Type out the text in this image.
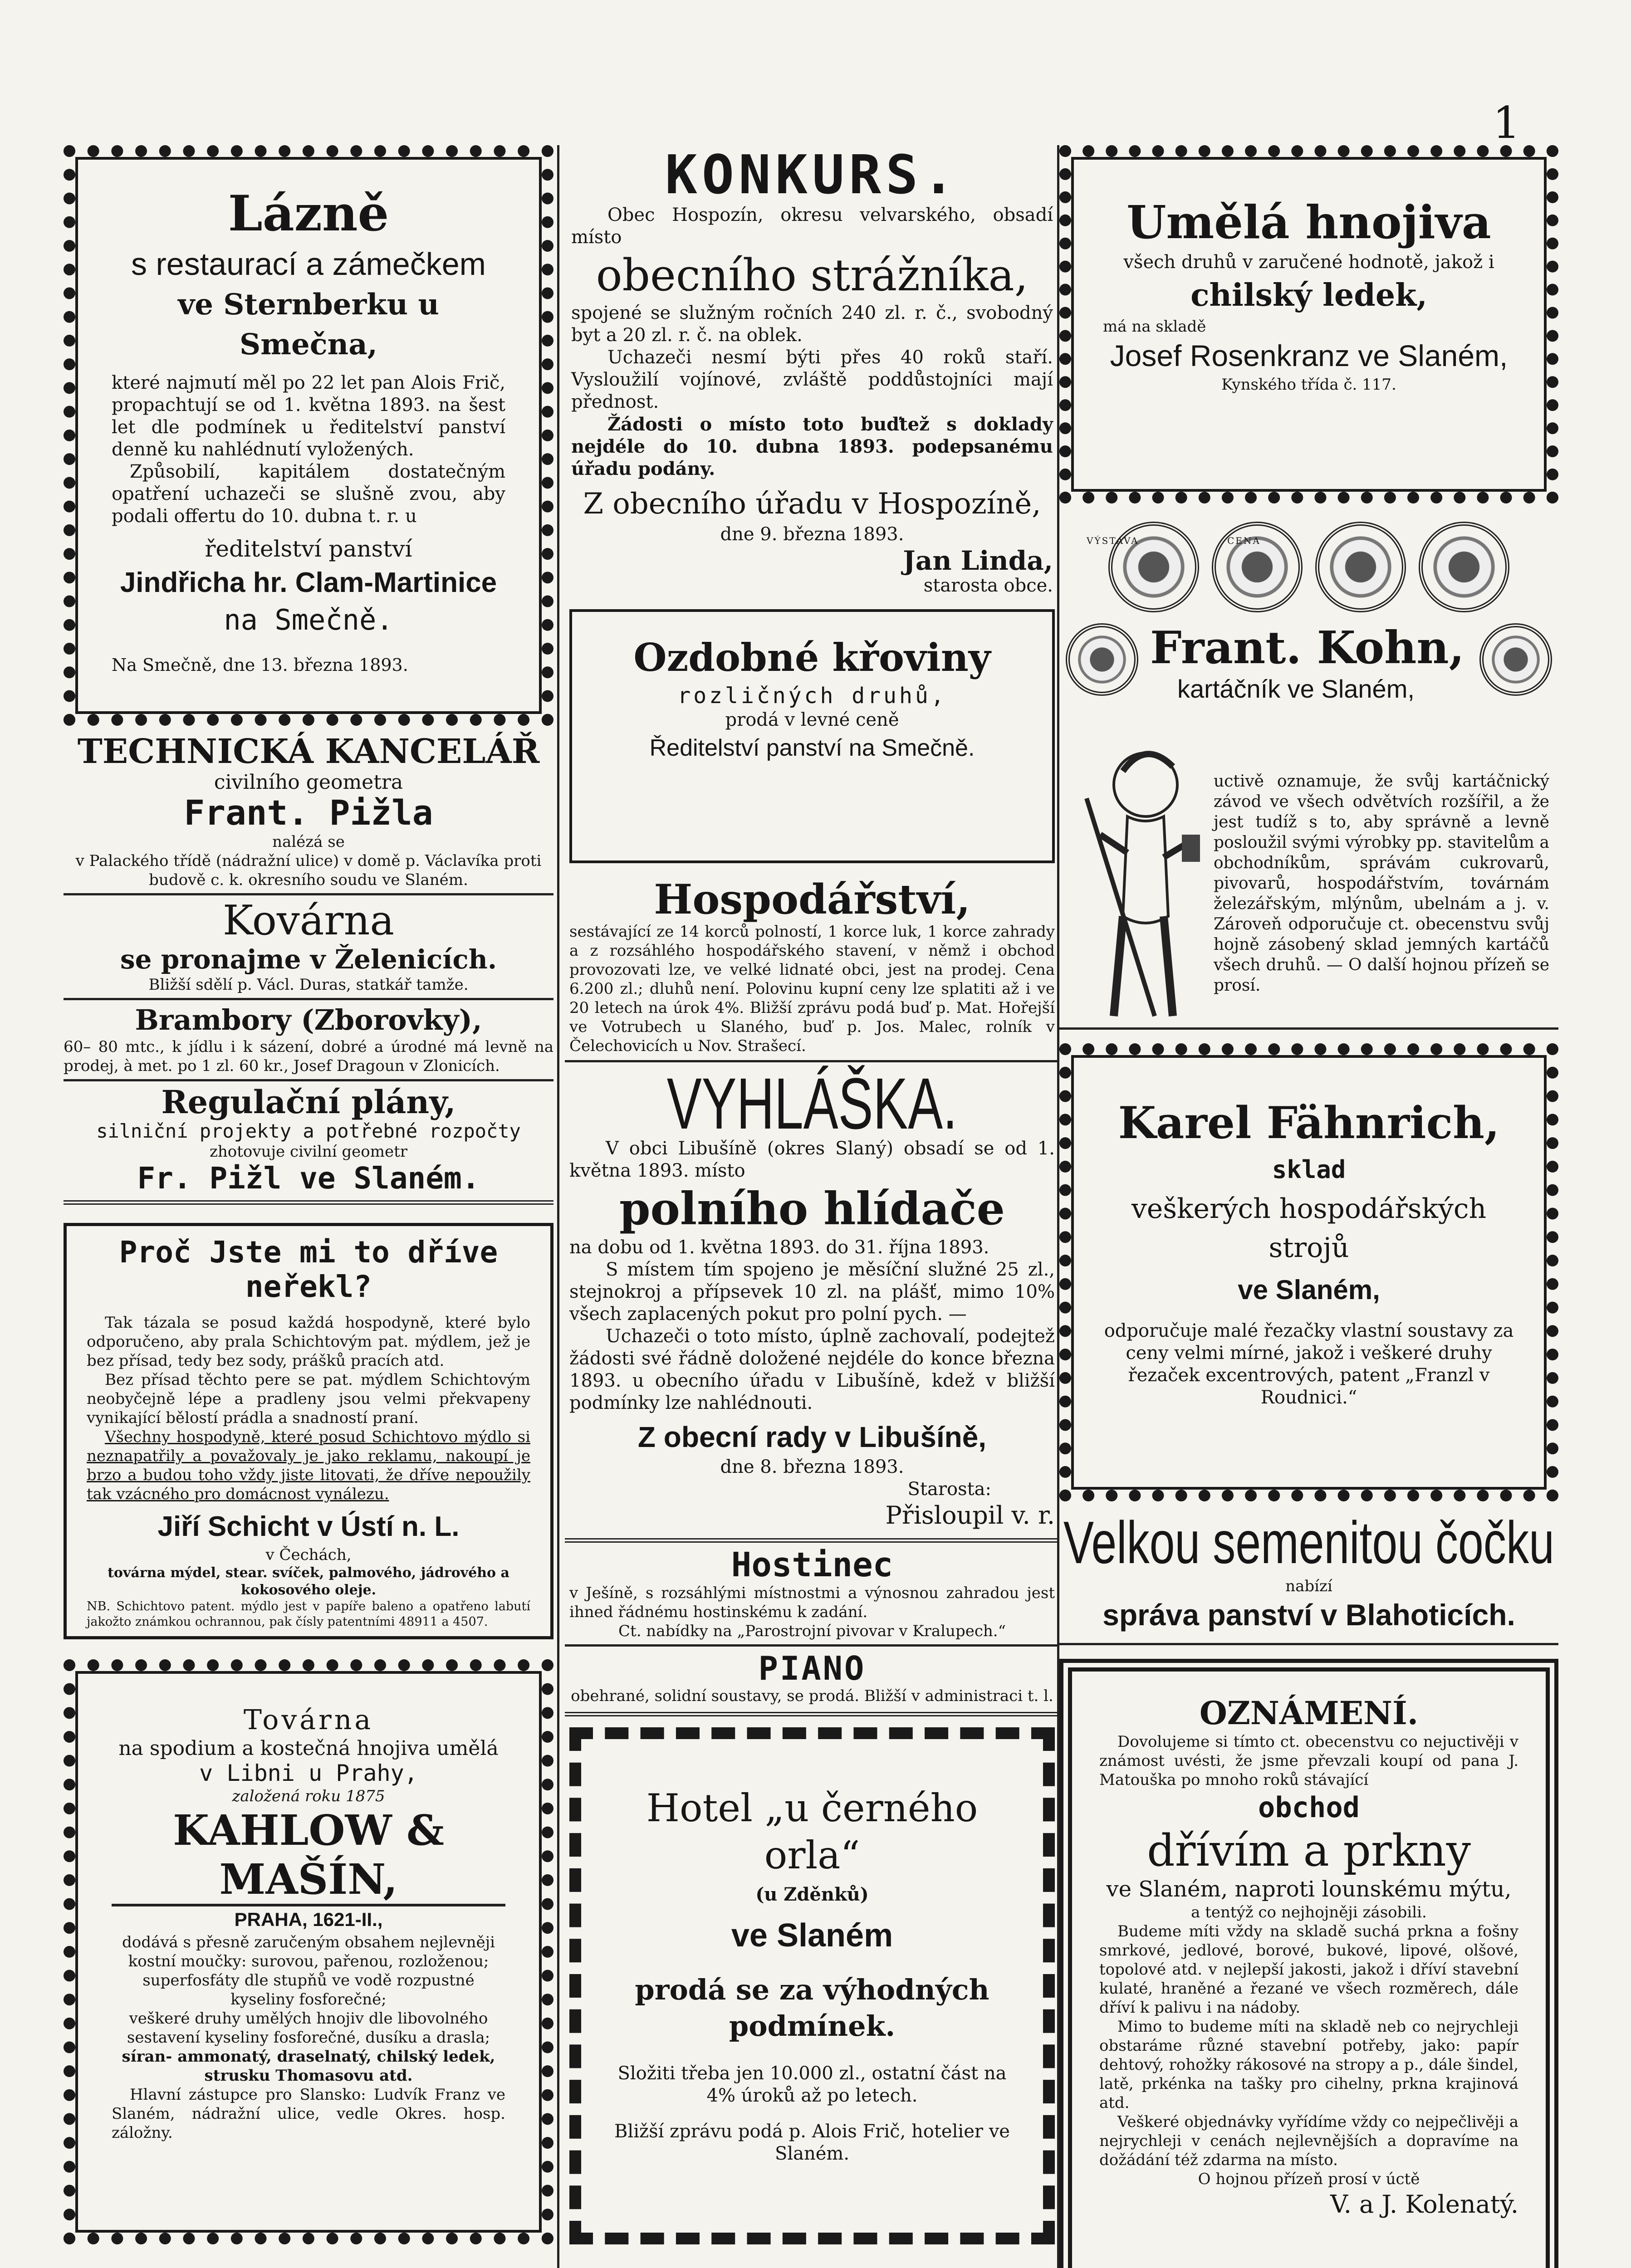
1

Lázně

s restaurací a zámečkem

ve Sternberku u Smečna,

které najmutí měl po 22 let pan Alois Frič, propachtují se od 1. května 1893. na šest let dle podmínek u ředitelství panství denně ku nahlédnutí vyložených.

Způsobilí, kapitálem dostatečným opatření uchazeči se slušně zvou, aby podali offertu do 10. dubna t. r. u

ředitelství panství

Jindřicha hr. Clam-Martinice

na Smečně.

Na Smečně, dne 13. března 1893.

TECHNICKÁ KANCELÁŘ

civilního geometra

Frant. Pižla

nalézá se

v Palackého třídě (nádražní ulice) v domě p. Václavíka proti budově c. k. okresního soudu ve Slaném.

Kovárna

se pronajme v Želenicích.

Bližší sdělí p. Václ. Duras, statkář tamže.

Brambory (Zborovky),

60– 80 mtc., k jídlu i k sázení, dobré a úrodné má levně na prodej, à met. po 1 zl. 60 kr., Josef Dragoun v Zlonicích.

Regulační plány,

silniční projekty a potřebné rozpočty

zhotovuje civilní geometr

Fr. Pižl ve Slaném.

Proč Jste mi to dříve neřekl?

Tak tázala se posud každá hospodyně, které bylo odporučeno, aby prala Schichtovým pat. mýdlem, jež je bez přísad, tedy bez sody, prášků pracích atd.

Bez přísad těchto pere se pat. mýdlem Schichtovým neobyčejně lépe a pradleny jsou velmi překvapeny vynikající bělostí prádla a snadností praní.

Všechny hospodyně, které posud Schichtovo mýdlo si neznapatřily a považovaly je jako reklamu, nakoupí je brzo a budou toho vždy jiste litovati, že dříve nepoužily tak vzácného pro domácnost vynálezu.

Jiří Schicht v Ústí n. L.

v Čechách,

továrna mýdel, stear. svíček, palmového, jádrového a kokosového oleje.

NB. Schichtovo patent. mýdlo jest v papíře baleno a opatřeno labutí jakožto známkou ochrannou, pak čísly patentními 48911 a 4507.

Továrna

na spodium a kostečná hnojiva umělá

v Libni u Prahy,

založená roku 1875

KAHLOW & MAŠÍN,

PRAHA, 1621-II.,

dodává s přesně zaručeným obsahem nejlevněji

kostní moučky: surovou, pařenou, rozloženou;

superfosfáty dle stupňů ve vodě rozpustné kyseliny fosforečné;

veškeré druhy umělých hnojiv dle libovolného sestavení kyseliny fosforečné, dusíku a drasla;

síran- ammonatý, draselnatý, chilský ledek, strusku Thomasovu atd.

Hlavní zástupce pro Slansko: Ludvík Franz ve Slaném, nádražní ulice, vedle Okres. hosp. záložny.

KONKURS.

Obec Hospozín, okresu velvarského, obsadí místo

obecního strážníka,

spojené se služným ročních 240 zl. r. č., svobodný byt a 20 zl. r. č. na oblek.

Uchazeči nesmí býti přes 40 roků staří. Vysloužilí vojínové, zvláště poddůstojníci mají přednost.

Žádosti o místo toto buďtež s doklady nejdéle do 10. dubna 1893. podepsanému úřadu podány.

Z obecního úřadu v Hospozíně,

dne 9. března 1893.

Jan Linda,

starosta obce.

Ozdobné křoviny

rozličných druhů,

prodá v levné ceně

Ředitelství panství na Smečně.

Hospodářství,

sestávající ze 14 korců polností, 1 korce luk, 1 korce zahrady a z rozsáhlého hospodářského stavení, v němž i obchod provozovati lze, ve velké lidnaté obci, jest na prodej. Cena 6.200 zl.; dluhů není. Polovinu kupní ceny lze splatiti až i ve 20 letech na úrok 4%. Bližší zprávu podá buď p. Mat. Hořejší ve Votrubech u Slaného, buď p. Jos. Malec, rolník v Čelechovicích u Nov. Strašecí.

VYHLÁŠKA.

V obci Libušíně (okres Slaný) obsadí se od 1. května 1893. místo

polního hlídače

na dobu od 1. května 1893. do 31. října 1893.

S místem tím spojeno je měsíční služné 25 zl., stejnokroj a přípsevek 10 zl. na plášť, mimo 10% všech zaplacených pokut pro polní pych. —

Uchazeči o toto místo, úplně zachovalí, podejtež žádosti své řádně doložené nejdéle do konce března 1893. u obecního úřadu v Libušíně, kdež v bližší podmínky lze nahlédnouti.

Z obecní rady v Libušíně,

dne 8. března 1893.

Starosta:

Přisloupil v. r.

Hostinec

v Ješíně, s rozsáhlými místnostmi a výnosnou zahradou jest ihned řádnému hostinskému k zadání.

Ct. nabídky na „Parostrojní pivovar v Kralupech.“

PIANO

obehrané, solidní soustavy, se prodá. Bližší v administraci t. l.

Hotel „u černého orla“

(u Zděnků)

ve Slaném

prodá se za výhodných podmínek.

Složiti třeba jen 10.000 zl., ostatní část na 4% úroků až po letech.

Bližší zprávu podá p. Alois Frič, hotelier ve Slaném.

Umělá hnojiva

všech druhů v zaručené hodnotě, jakož i

chilský ledek,

má na skladě

Josef Rosenkranz ve Slaném,

Kynského třída č. 117.

VÝSTAVA	CENA

Frant. Kohn,

kartáčník ve Slaném,

uctivě oznamuje, že svůj kartáčnický závod ve všech odvětvích rozšířil, a že jest tudíž s to, aby správně a levně posloužil svými výrobky pp. stavitelům a obchodníkům, správám cukrovarů, pivovarů, hospodářstvím, továrnám železářským, mlýnům, ubelnám a j. v. Zároveň odporučuje ct. obecenstvu svůj hojně zásobený sklad jemných kartáčů všech druhů. — O další hojnou přízeň se prosí.

Karel Fähnrich,

sklad

veškerých hospodářských strojů

ve Slaném,

odporučuje malé řezačky vlastní soustavy za ceny velmi mírné, jakož i veškeré druhy řezaček excentrových, patent „Franzl v Roudnici.“

Velkou semenitou čočku

nabízí

správa panství v Blahoticích.

OZNÁMENÍ.

Dovolujeme si tímto ct. obecenstvu co nejuctivěji v známost uvésti, že jsme převzali koupí od pana J. Matouška po mnoho roků stávající

obchod

dřívím a prkny

ve Slaném, naproti lounskému mýtu,

a tentýž co nejhojněji zásobili.

Budeme míti vždy na skladě suchá prkna a fošny smrkové, jedlové, borové, bukové, lipové, olšové, topolové atd. v nejlepší jakosti, jakož i dříví stavební kulaté, hraněné a řezané ve všech rozměrech, dále dříví k palivu i na nádoby.

Mimo to budeme míti na skladě neb co nejrychleji obstaráme různé stavební potřeby, jako: papír dehtový, rohožky rákosové na stropy a p., dále šindel, latě, prkénka na tašky pro cihelny, prkna krajinová atd.

Veškeré objednávky vyřídíme vždy co nejpečlivěji a nejrychleji v cenách nejlevnějších a dopravíme na dožádání též zdarma na místo.

O hojnou přízeň prosí v úctě

V. a J. Kolenatý.
